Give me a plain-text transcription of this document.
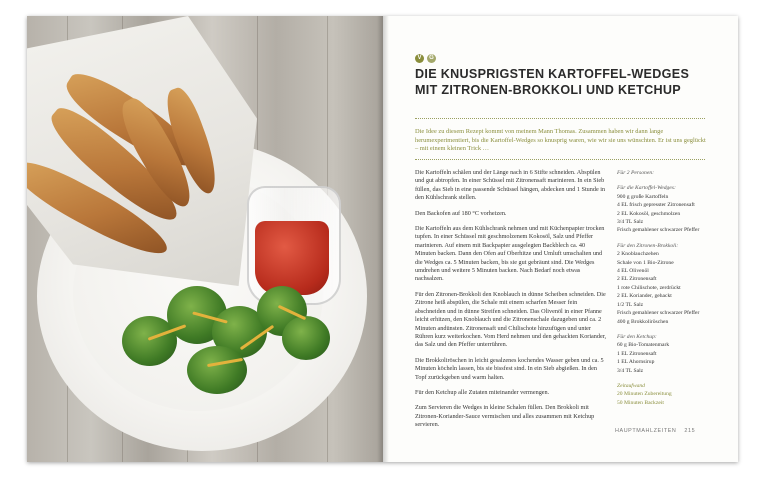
V	G
DIE KNUSPRIGSTEN KARTOFFEL-WEDGES MIT ZITRONEN-BROKKOLI UND KETCHUP

Die Idee zu diesem Rezept kommt von meinem Mann Thomas. Zusammen haben wir dann lange herumexperimentiert, bis die Kartoffel-Wedges so knusprig waren, wie wir sie uns wünschten. Er ist uns geglückt – mit einem kleinen Trick …

Die Kartoffeln schälen und der Länge nach in 6 Stifte schneiden. Abspülen und gut abtropfen. In einer Schüssel mit Zitronensaft marinieren. In ein Sieb füllen, das Sieb in eine passende Schüssel hängen, abdecken und 1 Stunde in den Kühlschrank stellen.

Den Backofen auf 180 °C vorheizen.

Die Kartoffeln aus dem Kühlschrank nehmen und mit Küchenpapier trocken tupfen. In einer Schüssel mit geschmolzenem Kokosöl, Salz und Pfeffer marinieren. Auf einem mit Backpapier ausgelegten Backblech ca. 40 Minuten backen. Dann den Ofen auf Oberhitze und Umluft umschalten und die Wedges ca. 5 Minuten backen, bis sie gut gebräunt sind. Die Wedges umdrehen und weitere 5 Minuten backen. Nach Bedarf noch etwas nachsalzen.

Für den Zitronen-Brokkoli den Knoblauch in dünne Scheiben schneiden. Die Zitrone heiß abspülen, die Schale mit einem scharfen Messer fein abschneiden und in dünne Streifen schneiden. Das Olivenöl in einer Pfanne leicht erhitzen, den Knoblauch und die Zitronenschale dazugeben und ca. 2 Minuten andünsten. Zitronensaft und Chilischote hinzufügen und unter Rühren kurz weiterkochen. Vom Herd nehmen und den gehackten Koriander, das Salz und den Pfeffer unterrühren.

Die Brokkoliröschen in leicht gesalzenes kochendes Wasser geben und ca. 5 Minuten köcheln lassen, bis sie bissfest sind. In ein Sieb abgießen. In den Topf zurückgeben und warm halten.

Für den Ketchup alle Zutaten miteinander vermengen.

Zum Servieren die Wedges in kleine Schalen füllen. Den Brokkoli mit Zitronen-Koriander-Sauce vermischen und alles zusammen mit Ketchup servieren.

Für 2 Personen:

Für die Kartoffel-Wedges:

900 g große Kartoffeln
4 EL frisch gepresster Zitronensaft
2 EL Kokosöl, geschmolzen
3/4 TL Salz
Frisch gemahlener schwarzer Pfeffer

Für den Zitronen-Brokkoli:

2 Knoblauchzehen
Schale von 1 Bio-Zitrone
4 EL Olivenöl
2 EL Zitronensaft
1 rote Chilischote, zerdrückt
2 EL Koriander, gehackt
1/2 TL Salz
Frisch gemahlener schwarzer Pfeffer
400 g Brokkoliröschen

Für den Ketchup:

60 g Bio-Tomatenmark
1 EL Zitronensaft
1 EL Ahornsirup
3/4 TL Salz

Zeitaufwand

20 Minuten Zubereitung
50 Minuten Backzeit
HAUPTMAHLZEITEN 215
